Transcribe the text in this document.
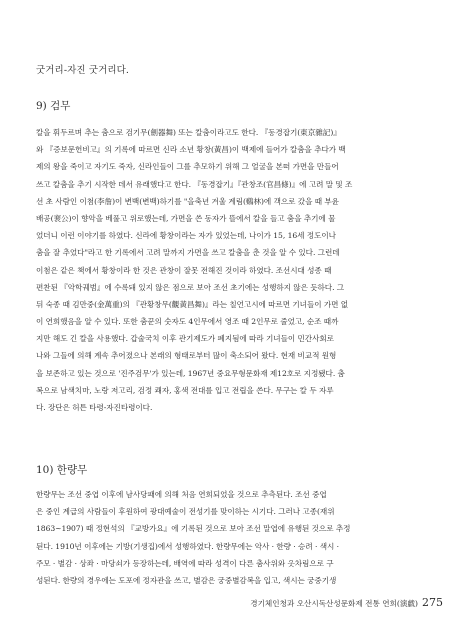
굿거리-자진 굿거리다.
9) 검무
칼을 휘두르며 추는 춤으로 검기무(劍器舞) 또는 칼춤이라고도 한다. 『동경잡기(東京雜記)』
와 『증보문헌비고』의 기록에 따르면 신라 소년 황창(黃昌)이 백제에 들어가 칼춤을 추다가 백
제의 왕을 죽이고 자기도 죽자, 신라인들이 그를 추모하기 위해 그 얼굴을 본떠 가면을 만들어
쓰고 칼춤을 추기 시작한 데서 유래했다고 한다. 『동경잡기』『관창조(官昌條)』에 고려 말 및 조
선 초 사람인 이첨(李詹)이 변백(변백)하기를 "을축년 겨울 계림(鷄林)에 객으로 갔을 때 부윤
배공(裵公)이 향악을 베풀고 위로했는데, 가면을 쓴 동자가 뜰에서 칼을 들고 춤을 추기에 물
었더니 이런 이야기를 하였다. 신라에 황창이라는 자가 있었는데, 나이가 15, 16세 정도이나
춤을 잘 추었다"라고 한 기록에서 고려 말까지 가면을 쓰고 칼춤을 춘 것을 알 수 있다. 그런데
이첨은 같은 책에서 황창이라 한 것은 관창이 잘못 전해진 것이라 하였다. 조선시대 성종 때
편찬된 『악학궤범』에 수록돼 있지 않은 점으로 보아 조선 초기에는 성행하지 않은 듯하다. 그
뒤 숙종 때 김만중(金萬重)의 『관황창무(觀黃昌舞)』라는 칠언고시에 따르면 기녀들이 가면 없
이 연희했음을 알 수 있다. 또한 춤꾼의 숫자도 4인무에서 영조 때 2인무로 줄었고, 순조 때까
지만 해도 긴 칼을 사용했다. 갑술국치 이후 관기제도가 폐지됨에 따라 기녀들이 민간사회로
나와 그들에 의해 계속 추어졌으나 본래의 형태로부터 많이 축소되어 왔다. 현재 비교적 원형
을 보존하고 있는 것으로 '진주검무'가 있는데, 1967년 중요무형문화재 제12호로 지정됐다. 춤
복으로 남색치마, 노랑 저고리, 검정 쾌자, 홍색 전대를 입고 전립을 쓴다. 무구는 칼 두 자루
다. 장단은 허튼 타령-자진타령이다.
10) 한량무
한량무는 조선 중엽 이후에 남사당패에 의해 처음 연희되었을 것으로 추측된다. 조선 중엽
은 중인 계급의 사람들이 후원하여 광대예술이 전성기를 맞이하는 시기다. 그러나 고종(재위
1863~1907) 때 정현석의 『교방가요』에 기록된 것으로 보아 조선 말엽에 유행된 것으로 추정
된다. 1910년 이후에는 기방(기생집)에서 성행하였다. 한량무에는 악사 · 한량 · 승려 · 색시 ·
주모 · 별감 · 상좌 · 마당쇠가 등장하는데, 배역에 따라 성격이 다른 춤사위와 옷차림으로 구
성된다. 한량의 경우에는 도포에 정자관을 쓰고, 별감은 궁중별감복을 입고, 색시는 궁중기생
경기체인청과 오산시독산성문화제 전통 연희(演戱) 275
